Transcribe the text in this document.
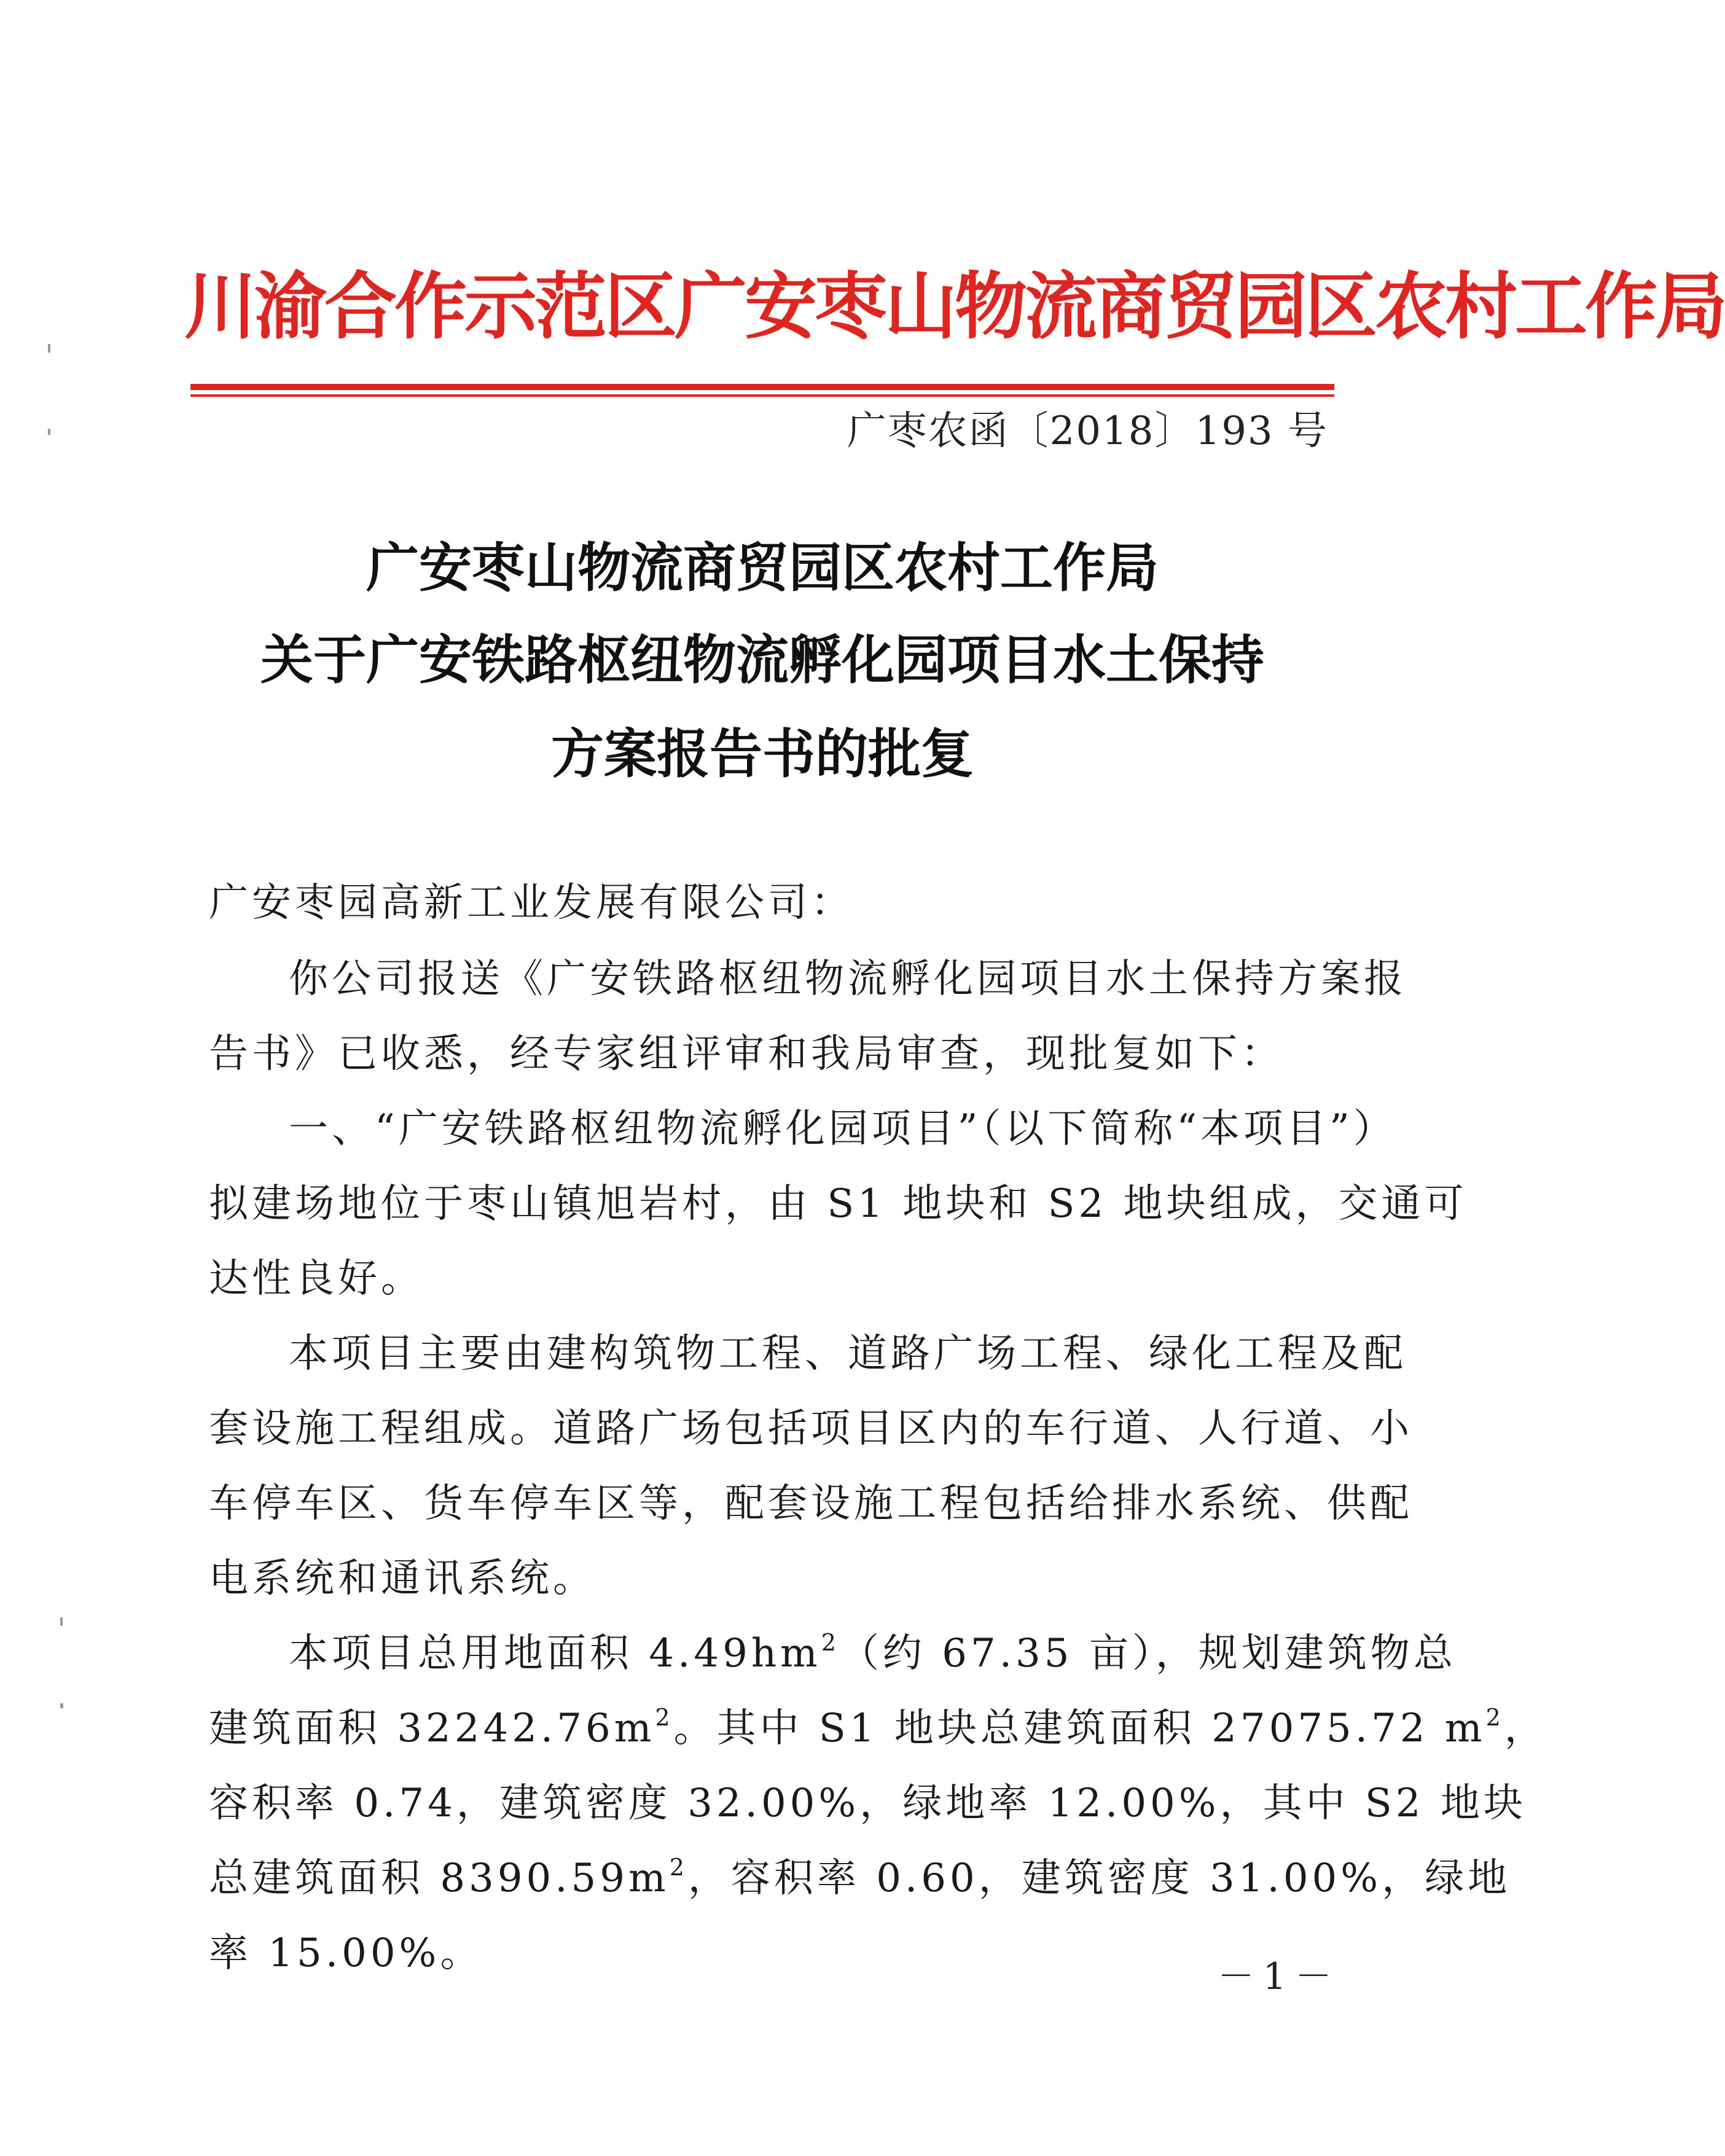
川渝合作示范区广安枣山物流商贸园区农村工作局
广枣农函〔2018〕193 号
广安枣山物流商贸园区农村工作局
关于广安铁路枢纽物流孵化园项目水土保持
方案报告书的批复
广安枣园高新工业发展有限公司：
你公司报送《广安铁路枢纽物流孵化园项目水土保持方案报
告书》已收悉，经专家组评审和我局审查，现批复如下：
一、“广安铁路枢纽物流孵化园项目”（以下简称“本项目”）
拟建场地位于枣山镇旭岩村，由 S1 地块和 S2 地块组成，交通可
达性良好。
本项目主要由建构筑物工程、道路广场工程、绿化工程及配
套设施工程组成。道路广场包括项目区内的车行道、人行道、小
车停车区、货车停车区等，配套设施工程包括给排水系统、供配
电系统和通讯系统。
本项目总用地面积 $4.49hm^2$（约 67.35 亩），规划建筑物总
建筑面积 $32242.76m^2$。其中 S1 地块总建筑面积 27075.72 $m^2$，
容积率 0.74，建筑密度 32.00%，绿地率 12.00%，其中 S2 地块
总建筑面积 $8390.59m^2$，容积率 0.60，建筑密度 31.00%，绿地
率 15.00%。
－1－
